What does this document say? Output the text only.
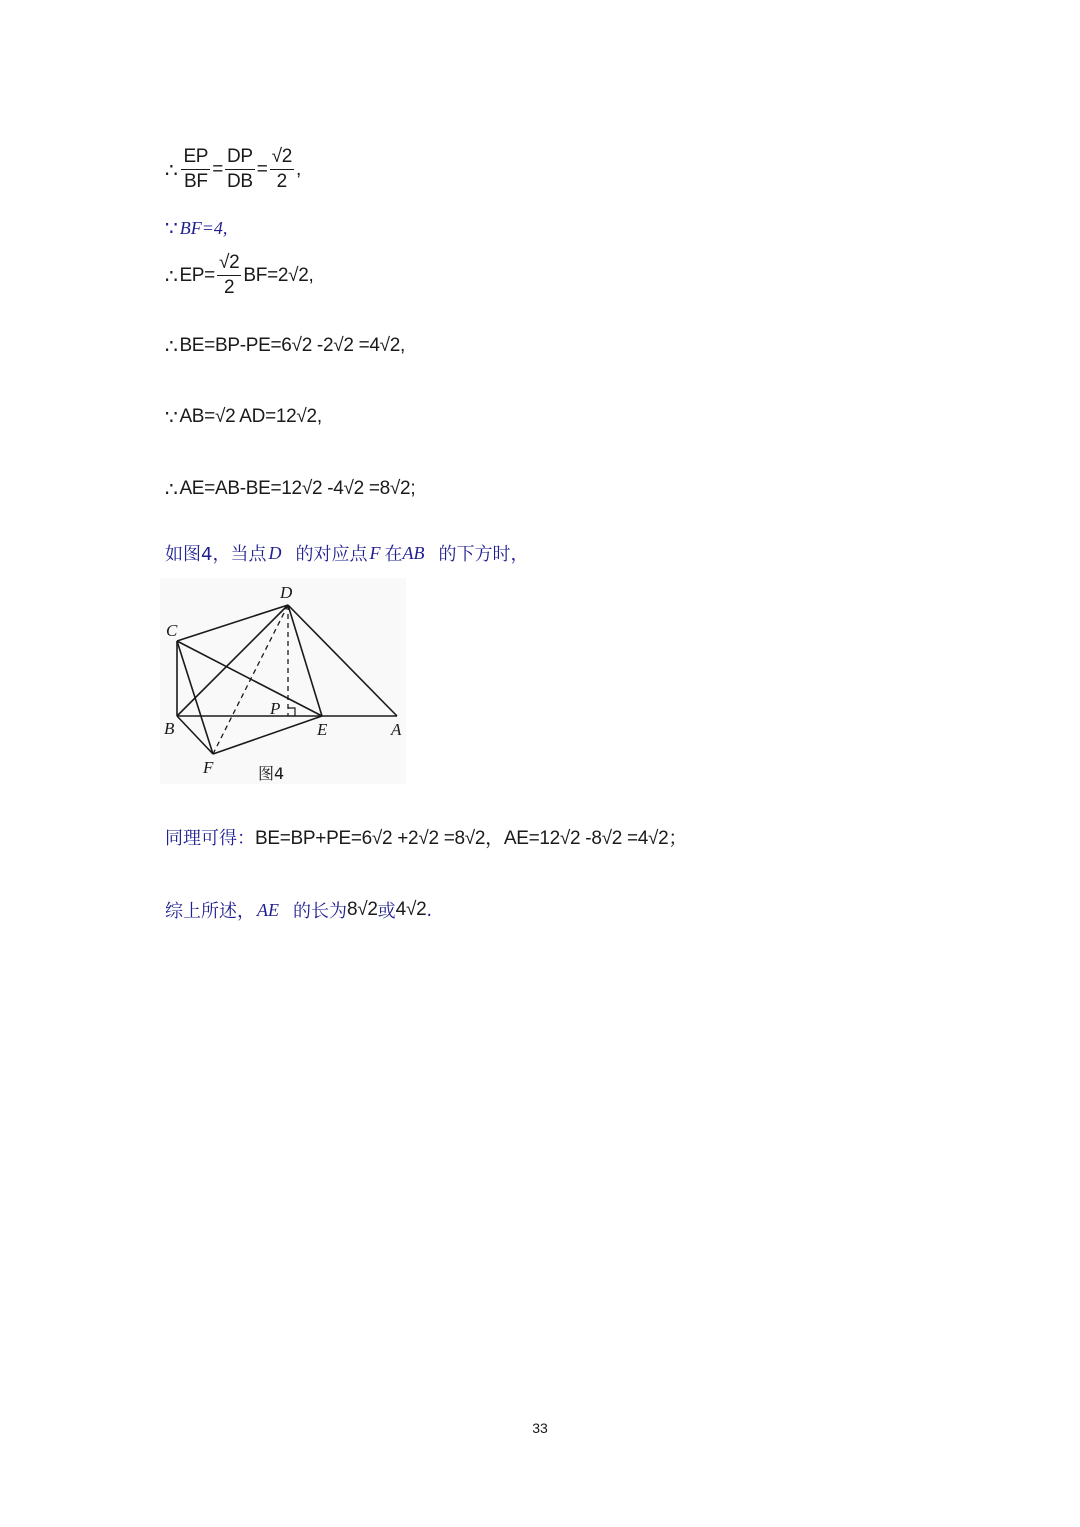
∴ $\frac{EP}{BF} = \frac{DP}{DB} = \frac{√2}{2}$ ,
∵ BF=4,
∴ $EP= \frac{√2}{2} BF=2√2$,
∴ BE=BP-PE=6√2 -2√2 =4√2,
∵ AB=√2 AD=12√2,
∴ AE=AB-BE=12√2 -4√2 =8√2;
如图4，当点 D 的对应点 F 在 AB 的下方时，
D
C
B
P
E	A
F	图4
同理可得： BE=BP+PE=6√2 +2√2 =8√2，AE=12√2 -8√2 =4√2；
综上所述， AE 的长为 8√2 或 4√2 .
33
